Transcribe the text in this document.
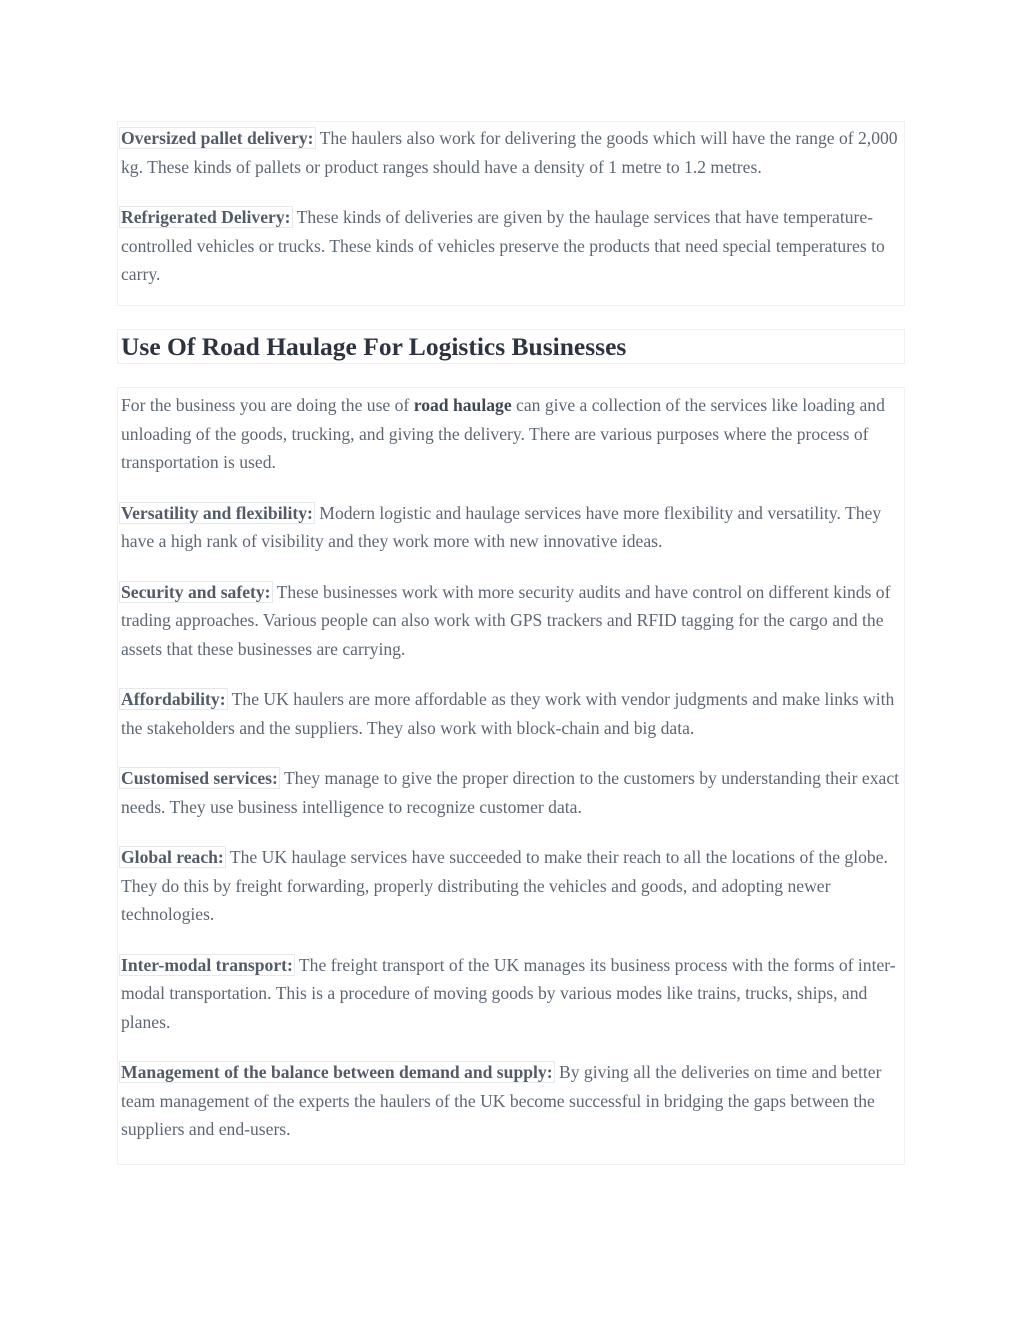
Oversized pallet delivery: The haulers also work for delivering the goods which will have the range of 2,000 kg. These kinds of pallets or product ranges should have a density of 1 metre to 1.2 metres.

Refrigerated Delivery: These kinds of deliveries are given by the haulage services that have temperature-controlled vehicles or trucks. These kinds of vehicles preserve the products that need special temperatures to carry.

Use Of Road Haulage For Logistics Businesses

For the business you are doing the use of road haulage can give a collection of the services like loading and unloading of the goods, trucking, and giving the delivery. There are various purposes where the process of transportation is used.

Versatility and flexibility: Modern logistic and haulage services have more flexibility and versatility. They have a high rank of visibility and they work more with new innovative ideas.

Security and safety: These businesses work with more security audits and have control on different kinds of trading approaches. Various people can also work with GPS trackers and RFID tagging for the cargo and the assets that these businesses are carrying.

Affordability: The UK haulers are more affordable as they work with vendor judgments and make links with the stakeholders and the suppliers. They also work with block-chain and big data.

Customised services: They manage to give the proper direction to the customers by understanding their exact needs. They use business intelligence to recognize customer data.

Global reach: The UK haulage services have succeeded to make their reach to all the locations of the globe. They do this by freight forwarding, properly distributing the vehicles and goods, and adopting newer technologies.

Inter-modal transport: The freight transport of the UK manages its business process with the forms of inter-modal transportation. This is a procedure of moving goods by various modes like trains, trucks, ships, and planes.

Management of the balance between demand and supply: By giving all the deliveries on time and better team management of the experts the haulers of the UK become successful in bridging the gaps between the suppliers and end-users.
